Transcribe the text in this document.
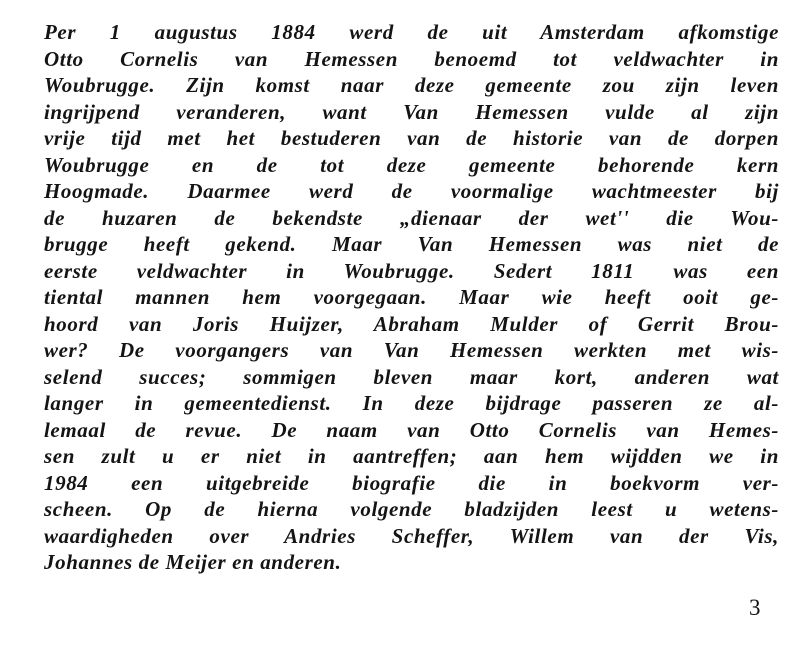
Per 1 augustus 1884 werd de uit Amsterdam afkomstige
Otto Cornelis van Hemessen benoemd tot veldwachter in
Woubrugge. Zijn komst naar deze gemeente zou zijn leven
ingrijpend veranderen, want Van Hemessen vulde al zijn
vrije tijd met het bestuderen van de historie van de dorpen
Woubrugge en de tot deze gemeente behorende kern
Hoogmade. Daarmee werd de voormalige wachtmeester bij
de huzaren de bekendste „dienaar der wet'' die Wou-
brugge heeft gekend. Maar Van Hemessen was niet de
eerste veldwachter in Woubrugge. Sedert 1811 was een
tiental mannen hem voorgegaan. Maar wie heeft ooit ge-
hoord van Joris Huijzer, Abraham Mulder of Gerrit Brou-
wer? De voorgangers van Van Hemessen werkten met wis-
selend succes; sommigen bleven maar kort, anderen wat
langer in gemeentedienst. In deze bijdrage passeren ze al-
lemaal de revue. De naam van Otto Cornelis van Hemes-
sen zult u er niet in aantreffen; aan hem wijdden we in
1984 een uitgebreide biografie die in boekvorm ver-
scheen. Op de hierna volgende bladzijden leest u wetens-
waardigheden over Andries Scheffer, Willem van der Vis,
Johannes de Meijer en anderen.
3
